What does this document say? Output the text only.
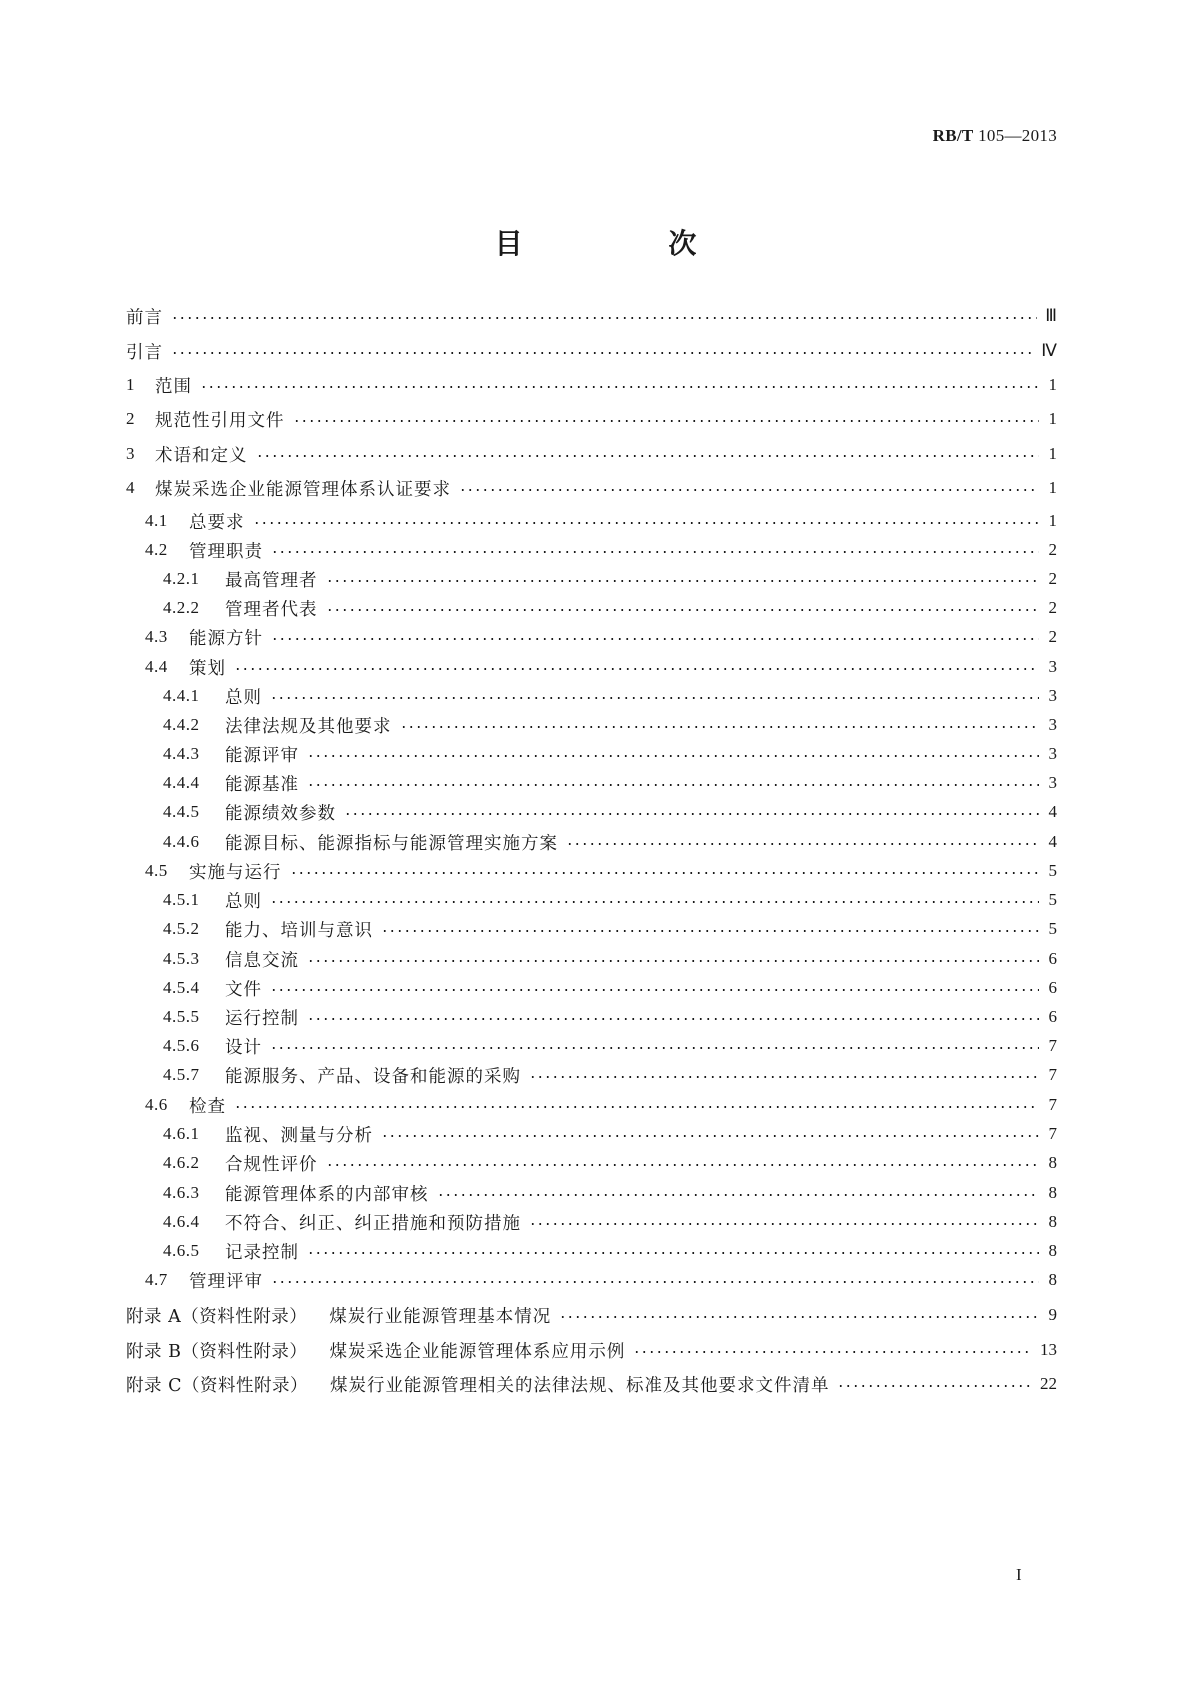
RB/T 105—2013
目 次
前言	Ⅲ
引言	Ⅳ
1	范围	1
2	规范性引用文件	1
3	术语和定义	1
4	煤炭采选企业能源管理体系认证要求	1
4.1	总要求	1
4.2	管理职责	2
4.2.1	最高管理者	2
4.2.2	管理者代表	2
4.3	能源方针	2
4.4	策划	3
4.4.1	总则	3
4.4.2	法律法规及其他要求	3
4.4.3	能源评审	3
4.4.4	能源基准	3
4.4.5	能源绩效参数	4
4.4.6	能源目标、能源指标与能源管理实施方案	4
4.5	实施与运行	5
4.5.1	总则	5
4.5.2	能力、培训与意识	5
4.5.3	信息交流	6
4.5.4	文件	6
4.5.5	运行控制	6
4.5.6	设计	7
4.5.7	能源服务、产品、设备和能源的采购	7
4.6	检查	7
4.6.1	监视、测量与分析	7
4.6.2	合规性评价	8
4.6.3	能源管理体系的内部审核	8
4.6.4	不符合、纠正、纠正措施和预防措施	8
4.6.5	记录控制	8
4.7	管理评审	8
附录 A（资料性附录） 煤炭行业能源管理基本情况	9
附录 B（资料性附录） 煤炭采选企业能源管理体系应用示例	13
附录 C（资料性附录） 煤炭行业能源管理相关的法律法规、标准及其他要求文件清单	22
I
